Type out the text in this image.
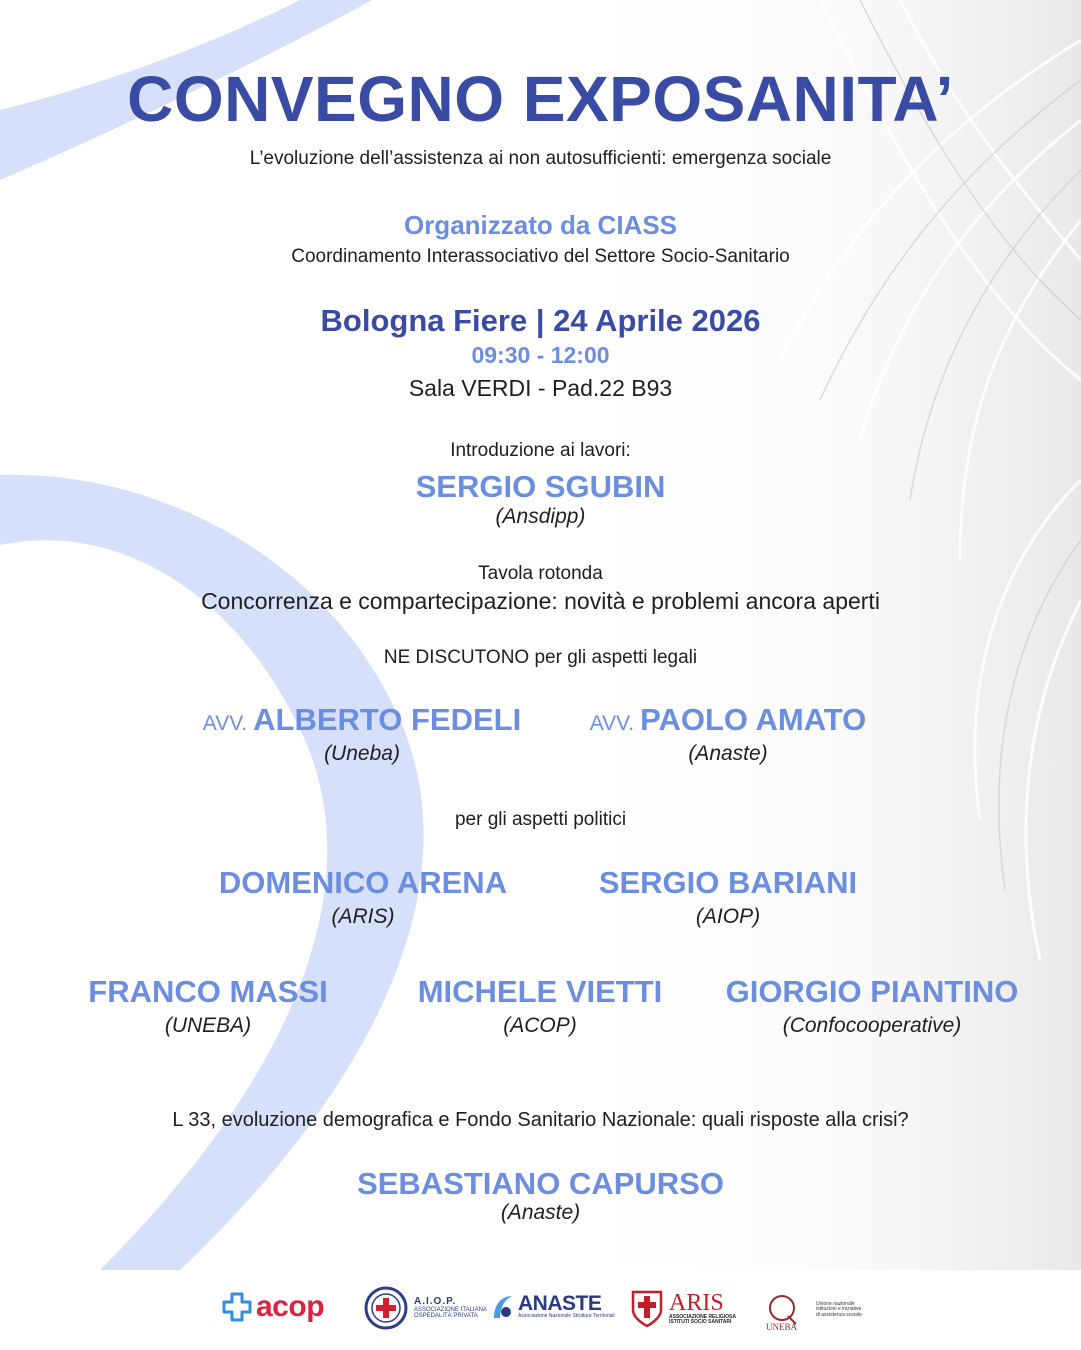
CONVEGNO EXPOSANITA’
L’evoluzione dell’assistenza ai non autosufficienti: emergenza sociale
Organizzato da CIASS
Coordinamento Interassociativo del Settore Socio-Sanitario
Bologna Fiere | 24 Aprile 2026
09:30 - 12:00
Sala VERDI - Pad.22 B93
Introduzione ai lavori:
SERGIO SGUBIN
(Ansdipp)
Tavola rotonda
Concorrenza e compartecipazione: novità e problemi ancora aperti
NE DISCUTONO per gli aspetti legali
AVV. ALBERTO FEDELI
(Uneba)
AVV. PAOLO AMATO
(Anaste)
per gli aspetti politici
DOMENICO ARENA
(ARIS)
SERGIO BARIANI
(AIOP)
FRANCO MASSI
(UNEBA)
MICHELE VIETTI
(ACOP)
GIORGIO PIANTINO
(Confocooperative)
L 33, evoluzione demografica e Fondo Sanitario Nazionale: quali risposte alla crisi?
SEBASTIANO CAPURSO
(Anaste)
acop	A.I.O.P.
ASSOCIAZIONE ITALIANA OSPEDALITÀ PRIVATA
ANASTE
Associazione Nazionale Strutture Territoriali ARIS
ASSOCIAZIONE RELIGIOSA ISTITUTI SOCIO SANITARI
Unione nazionale istituzioni e iniziative di assistenza sociale
UNEBA
